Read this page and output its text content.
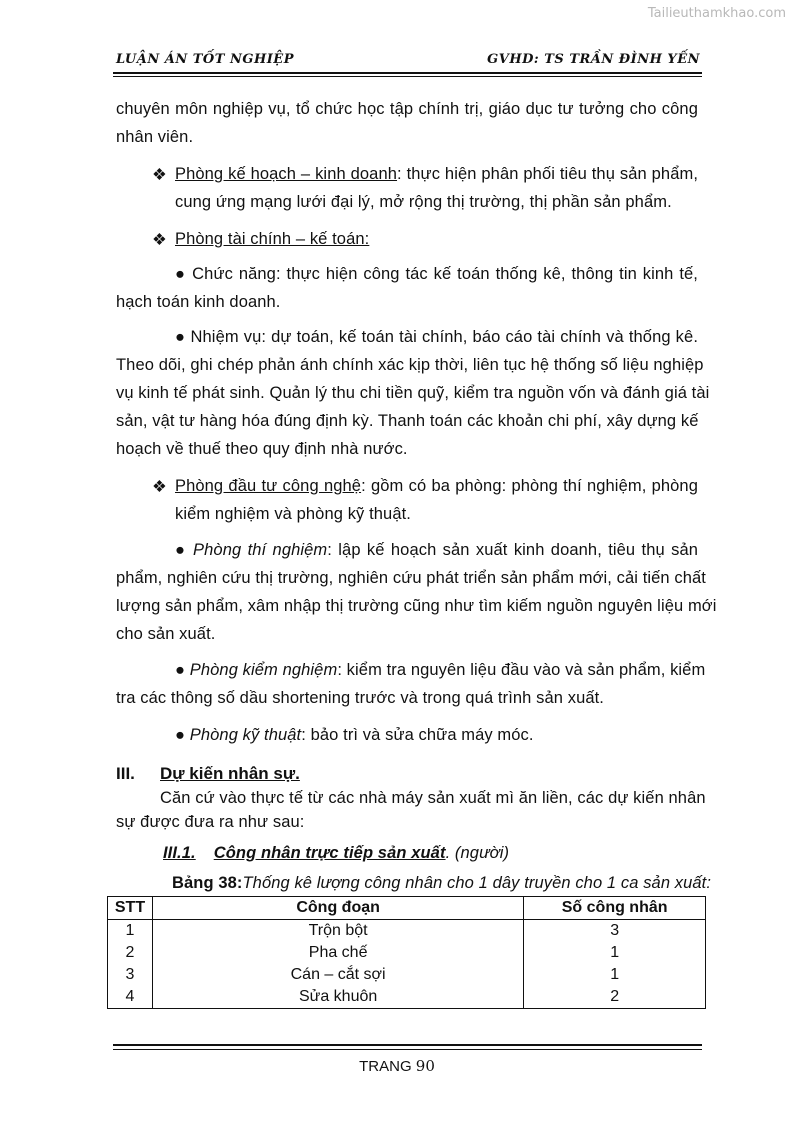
Tailieuthamkhao.com
LUẬN ÁN TỐT NGHIỆP	GVHD: TS TRẦN ĐÌNH YẾN
chuyên môn nghiệp vụ, tổ chức học tập chính trị, giáo dục tư tưởng cho công
nhân viên.
❖ Phòng kế hoạch – kinh doanh: thực hiện phân phối tiêu thụ sản phẩm,
cung ứng mạng lưới đại lý, mở rộng thị trường, thị phần sản phẩm.
❖ Phòng tài chính – kế toán:
● Chức năng: thực hiện công tác kế toán thống kê, thông tin kinh tế,
hạch toán kinh doanh.
● Nhiệm vụ: dự toán, kế toán tài chính, báo cáo tài chính và thống kê.
Theo dõi, ghi chép phản ánh chính xác kịp thời, liên tục hệ thống số liệu nghiệp
vụ kinh tế phát sinh. Quản lý thu chi tiền quỹ, kiểm tra nguồn vốn và đánh giá tài
sản, vật tư hàng hóa đúng định kỳ. Thanh toán các khoản chi phí, xây dựng kế
hoạch về thuế theo quy định nhà nước.
❖ Phòng đầu tư công nghệ: gồm có ba phòng: phòng thí nghiệm, phòng
kiểm nghiệm và phòng kỹ thuật.
● Phòng thí nghiệm: lập kế hoạch sản xuất kinh doanh, tiêu thụ sản
phẩm, nghiên cứu thị trường, nghiên cứu phát triển sản phẩm mới, cải tiến chất
lượng sản phẩm, xâm nhập thị trường cũng như tìm kiếm nguồn nguyên liệu mới
cho sản xuất.
● Phòng kiểm nghiệm: kiểm tra nguyên liệu đầu vào và sản phẩm, kiểm
tra các thông số dầu shortening trước và trong quá trình sản xuất.
● Phòng kỹ thuật: bảo trì và sửa chữa máy móc.
III. Dự kiến nhân sự.
Căn cứ vào thực tế từ các nhà máy sản xuất mì ăn liền, các dự kiến nhân
sự được đưa ra như sau:
III.1. Công nhân trực tiếp sản xuất. (người)
Bảng 38:Thống kê lượng công nhân cho 1 dây truyền cho 1 ca sản xuất:
STT	Công đoạn	Số công nhân
1	Trộn bột	3
2	Pha chế	1
3	Cán – cắt sợi	1
4	Sửa khuôn	2
TRANG 90
